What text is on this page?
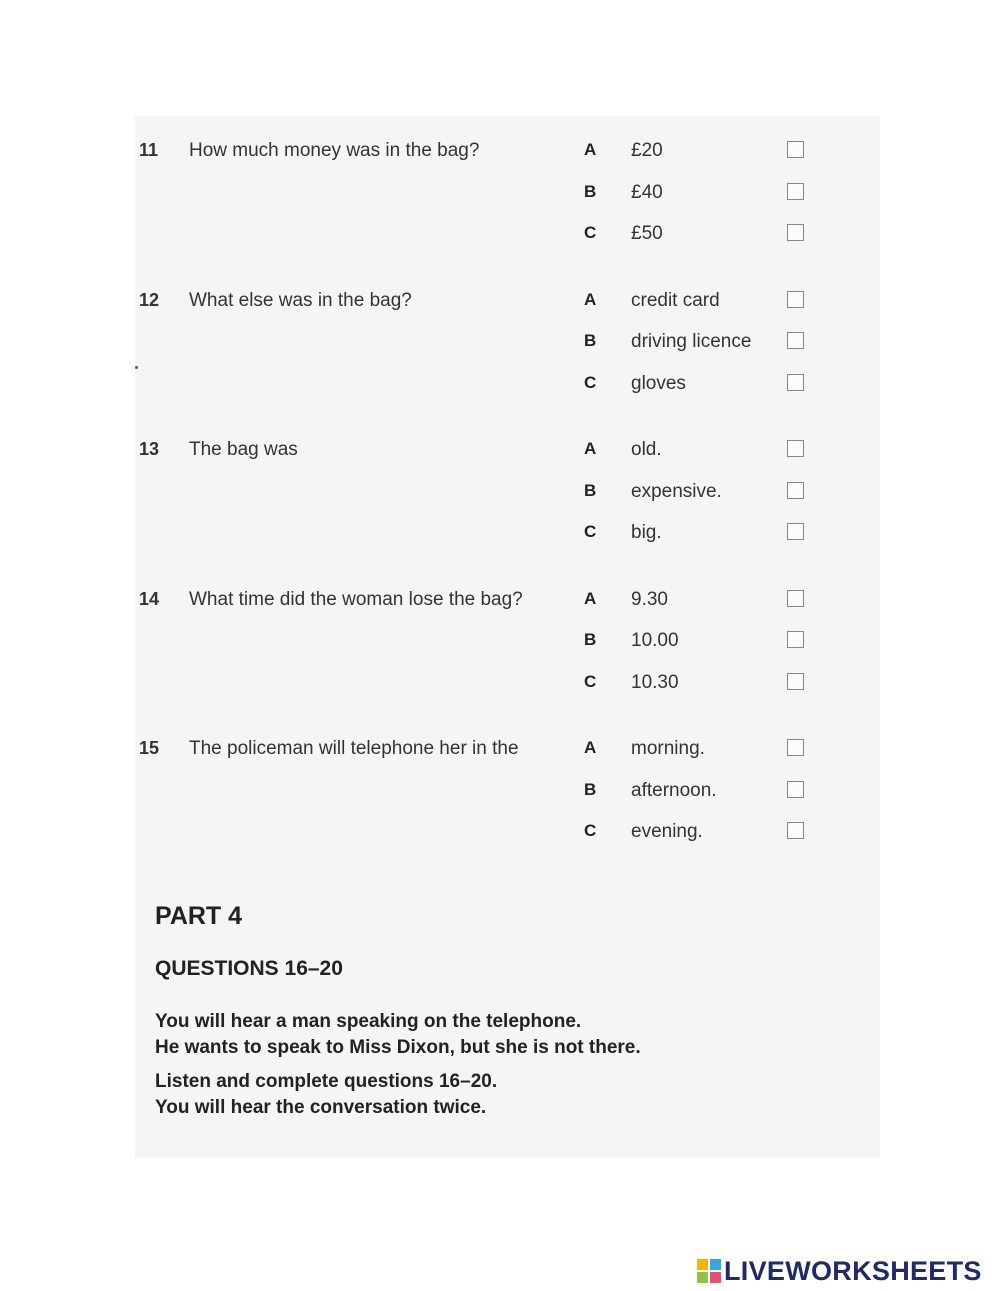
11 How much money was in the bag?	A £20
B £40
C £50
12 What else was in the bag?	A credit card
B driving licence
C gloves
13 The bag was	A old.
B expensive.
C big.
14 What time did the woman lose the bag?	A 9.30
B 10.00
C 10.30
15 The policeman will telephone her in the	A morning.
B afternoon.
C evening.
PART 4
QUESTIONS 16–20
You will hear a man speaking on the telephone.
He wants to speak to Miss Dixon, but she is not there.
Listen and complete questions 16–20.
You will hear the conversation twice.
LIVEWORKSHEETS
